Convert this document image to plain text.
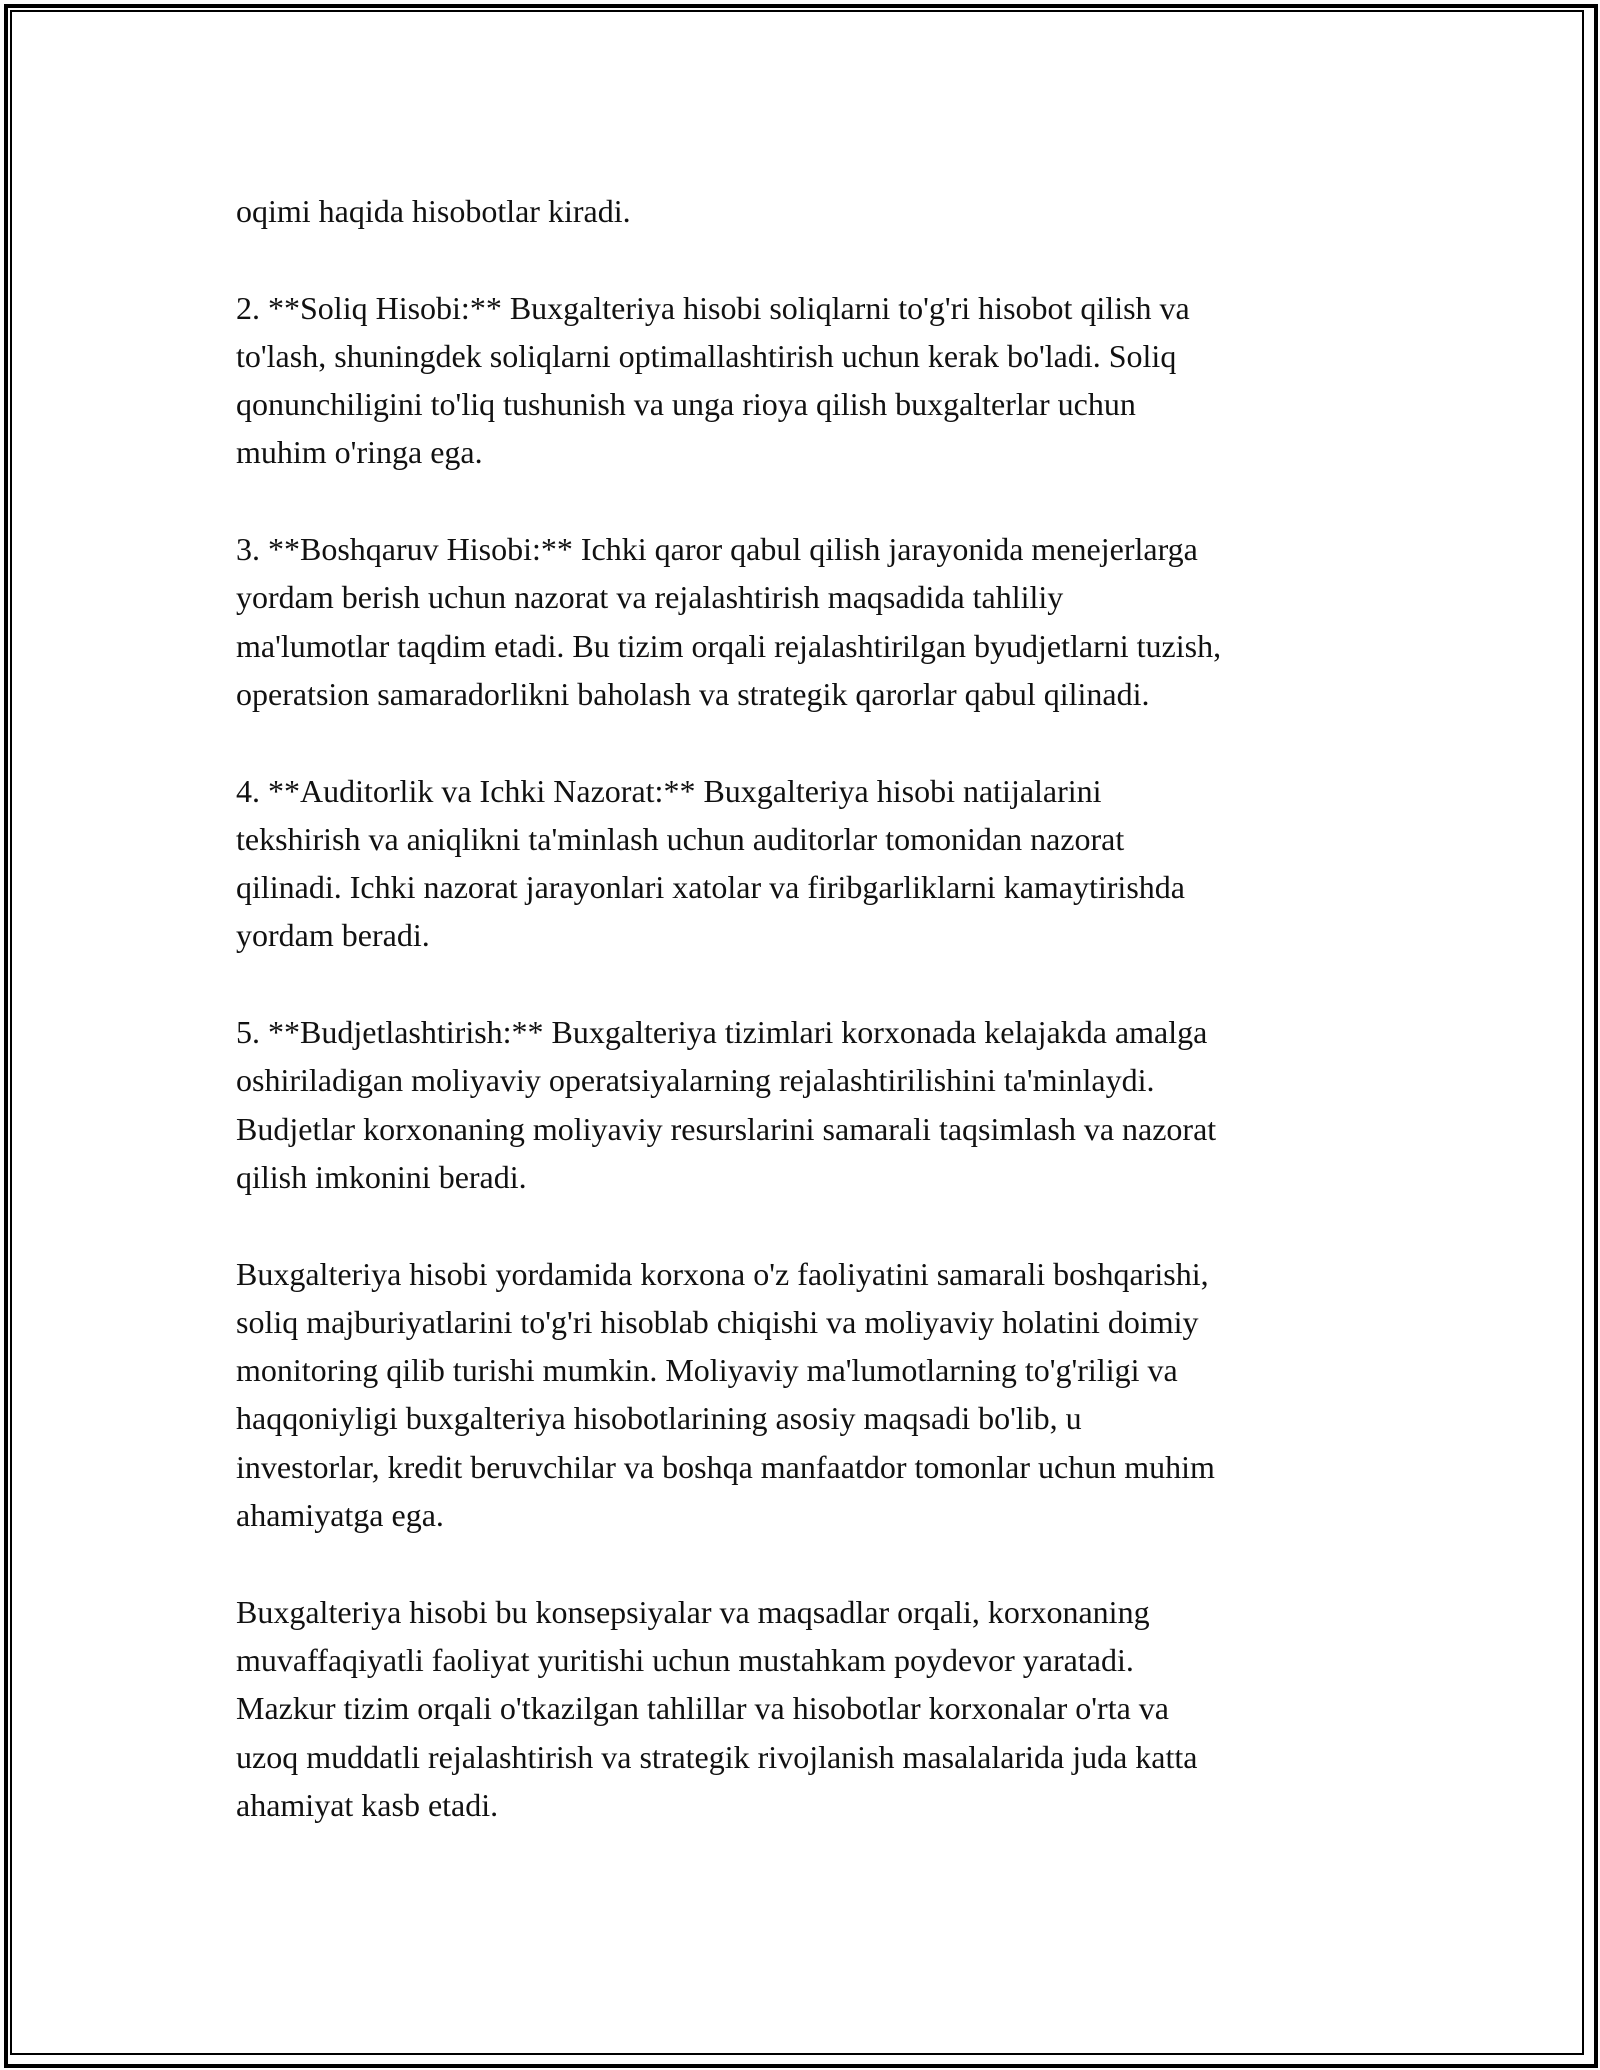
oqimi haqida hisobotlar kiradi.

2. **Soliq Hisobi:** Buxgalteriya hisobi soliqlarni to'g'ri hisobot qilish va
to'lash, shuningdek soliqlarni optimallashtirish uchun kerak bo'ladi. Soliq
qonunchiligini to'liq tushunish va unga rioya qilish buxgalterlar uchun
muhim o'ringa ega.

3. **Boshqaruv Hisobi:** Ichki qaror qabul qilish jarayonida menejerlarga
yordam berish uchun nazorat va rejalashtirish maqsadida tahliliy
ma'lumotlar taqdim etadi. Bu tizim orqali rejalashtirilgan byudjetlarni tuzish,
operatsion samaradorlikni baholash va strategik qarorlar qabul qilinadi.

4. **Auditorlik va Ichki Nazorat:** Buxgalteriya hisobi natijalarini
tekshirish va aniqlikni ta'minlash uchun auditorlar tomonidan nazorat
qilinadi. Ichki nazorat jarayonlari xatolar va firibgarliklarni kamaytirishda
yordam beradi.

5. **Budjetlashtirish:** Buxgalteriya tizimlari korxonada kelajakda amalga
oshiriladigan moliyaviy operatsiyalarning rejalashtirilishini ta'minlaydi.
Budjetlar korxonaning moliyaviy resurslarini samarali taqsimlash va nazorat
qilish imkonini beradi.

Buxgalteriya hisobi yordamida korxona o'z faoliyatini samarali boshqarishi,
soliq majburiyatlarini to'g'ri hisoblab chiqishi va moliyaviy holatini doimiy
monitoring qilib turishi mumkin. Moliyaviy ma'lumotlarning to'g'riligi va
haqqoniyligi buxgalteriya hisobotlarining asosiy maqsadi bo'lib, u
investorlar, kredit beruvchilar va boshqa manfaatdor tomonlar uchun muhim
ahamiyatga ega.

Buxgalteriya hisobi bu konsepsiyalar va maqsadlar orqali, korxonaning
muvaffaqiyatli faoliyat yuritishi uchun mustahkam poydevor yaratadi.
Mazkur tizim orqali o'tkazilgan tahlillar va hisobotlar korxonalar o'rta va
uzoq muddatli rejalashtirish va strategik rivojlanish masalalarida juda katta
ahamiyat kasb etadi.
